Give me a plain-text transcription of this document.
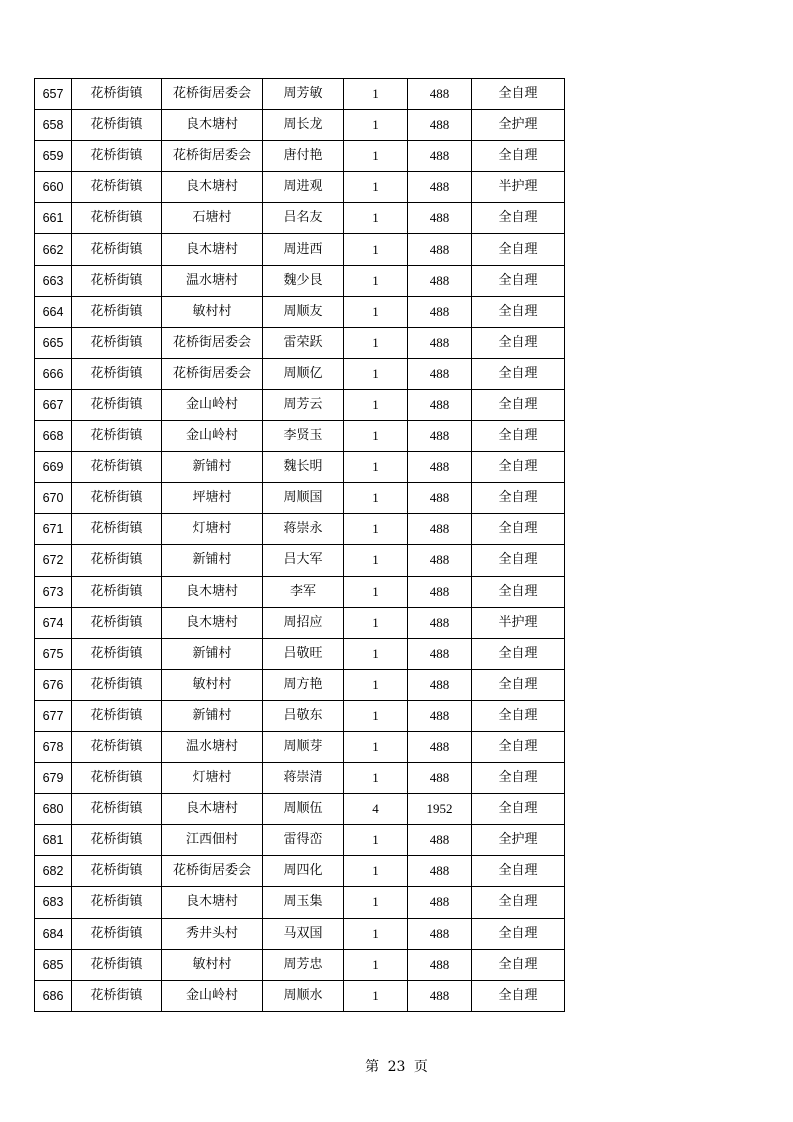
657	花桥街镇	花桥街居委会	周芳敏	1	488	全自理
658	花桥街镇	良木塘村	周长龙	1	488	全护理
659	花桥街镇	花桥街居委会	唐付艳	1	488	全自理
660	花桥街镇	良木塘村	周进观	1	488	半护理
661	花桥街镇	石塘村	吕名友	1	488	全自理
662	花桥街镇	良木塘村	周进西	1	488	全自理
663	花桥街镇	温水塘村	魏少艮	1	488	全自理
664	花桥街镇	敏村村	周顺友	1	488	全自理
665	花桥街镇	花桥街居委会	雷荣跃	1	488	全自理
666	花桥街镇	花桥街居委会	周顺亿	1	488	全自理
667	花桥街镇	金山岭村	周芳云	1	488	全自理
668	花桥街镇	金山岭村	李贤玉	1	488	全自理
669	花桥街镇	新铺村	魏长明	1	488	全自理
670	花桥街镇	坪塘村	周顺国	1	488	全自理
671	花桥街镇	灯塘村	蒋崇永	1	488	全自理
672	花桥街镇	新铺村	吕大军	1	488	全自理
673	花桥街镇	良木塘村	李军	1	488	全自理
674	花桥街镇	良木塘村	周招应	1	488	半护理
675	花桥街镇	新铺村	吕敬旺	1	488	全自理
676	花桥街镇	敏村村	周方艳	1	488	全自理
677	花桥街镇	新铺村	吕敬东	1	488	全自理
678	花桥街镇	温水塘村	周顺芽	1	488	全自理
679	花桥街镇	灯塘村	蒋崇清	1	488	全自理
680	花桥街镇	良木塘村	周顺伍	4	1952	全自理
681	花桥街镇	江西佃村	雷得峦	1	488	全护理
682	花桥街镇	花桥街居委会	周四化	1	488	全自理
683	花桥街镇	良木塘村	周玉集	1	488	全自理
684	花桥街镇	秀井头村	马双国	1	488	全自理
685	花桥街镇	敏村村	周芳忠	1	488	全自理
686	花桥街镇	金山岭村	周顺水	1	488	全自理
第 23 页
